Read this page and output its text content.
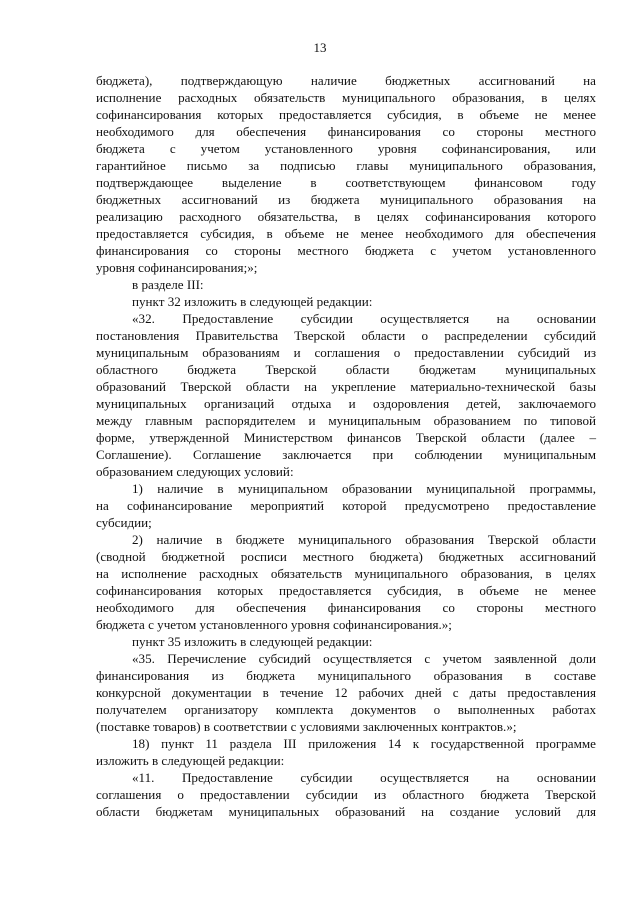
13
бюджета), подтверждающую наличие бюджетных ассигнований на
исполнение расходных обязательств муниципального образования, в целях
софинансирования которых предоставляется субсидия, в объеме не менее
необходимого для обеспечения финансирования со стороны местного
бюджета с учетом установленного уровня софинансирования, или
гарантийное письмо за подписью главы муниципального образования,
подтверждающее выделение в соответствующем финансовом году
бюджетных ассигнований из бюджета муниципального образования на
реализацию расходного обязательства, в целях софинансирования которого
предоставляется субсидия, в объеме не менее необходимого для обеспечения
финансирования со стороны местного бюджета с учетом установленного
уровня софинансирования;»;
в разделе III:
пункт 32 изложить в следующей редакции:
«32. Предоставление субсидии осуществляется на основании
постановления Правительства Тверской области о распределении субсидий
муниципальным образованиям и соглашения о предоставлении субсидий из
областного бюджета Тверской области бюджетам муниципальных
образований Тверской области на укрепление материально-технической базы
муниципальных организаций отдыха и оздоровления детей, заключаемого
между главным распорядителем и муниципальным образованием по типовой
форме, утвержденной Министерством финансов Тверской области (далее –
Соглашение). Соглашение заключается при соблюдении муниципальным
образованием следующих условий:
1) наличие в муниципальном образовании муниципальной программы,
на софинансирование мероприятий которой предусмотрено предоставление
субсидии;
2) наличие в бюджете муниципального образования Тверской области
(сводной бюджетной росписи местного бюджета) бюджетных ассигнований
на исполнение расходных обязательств муниципального образования, в целях
софинансирования которых предоставляется субсидия, в объеме не менее
необходимого для обеспечения финансирования со стороны местного
бюджета с учетом установленного уровня софинансирования.»;
пункт 35 изложить в следующей редакции:
«35. Перечисление субсидий осуществляется с учетом заявленной доли
финансирования из бюджета муниципального образования в составе
конкурсной документации в течение 12 рабочих дней с даты предоставления
получателем организатору комплекта документов о выполненных работах
(поставке товаров) в соответствии с условиями заключенных контрактов.»;
18) пункт 11 раздела III приложения 14 к государственной программе
изложить в следующей редакции:
«11. Предоставление субсидии осуществляется на основании
соглашения о предоставлении субсидии из областного бюджета Тверской
области бюджетам муниципальных образований на создание условий для
